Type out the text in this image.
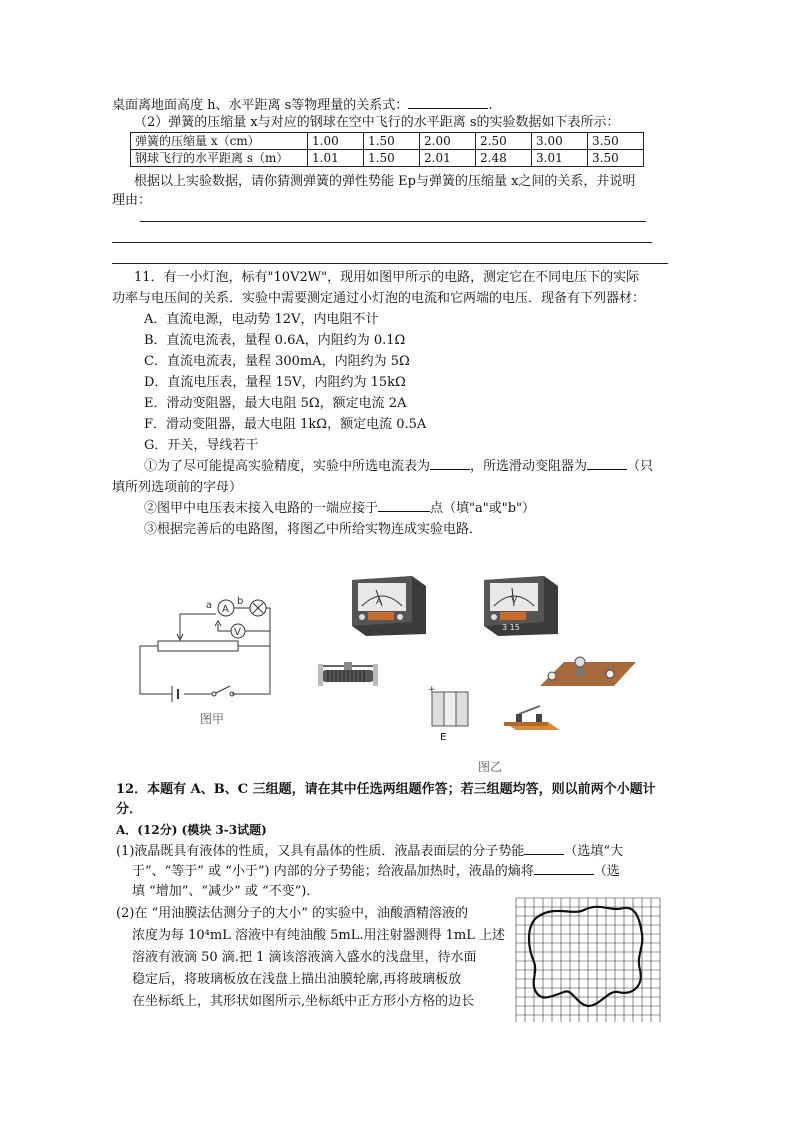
桌面离地面高度 h、水平距离 s等物理量的关系式：	.
（2）弹簧的压缩量 x与对应的钢球在空中飞行的水平距离 s的实验数据如下表所示：
弹簧的压缩量 x（cm）	1.00	1.50	2.00	2.50	3.00	3.50
钢球飞行的水平距离 s（m）	1.01	1.50	2.01	2.48	3.01	3.50
根据以上实验数据，请你猜测弹簧的弹性势能 Ep与弹簧的压缩量 x之间的关系，并说明
理由：
11．有一小灯泡，标有"10V2W"，现用如图甲所示的电路，测定它在不同电压下的实际
功率与电压间的关系．实验中需要测定通过小灯泡的电流和它两端的电压．现备有下列器材：
A．直流电源，电动势 12V，内电阻不计
B．直流电流表，量程 0.6A，内阻约为 0.1Ω
C．直流电流表，量程 300mA，内阻约为 5Ω
D．直流电压表，量程 15V，内阻约为 15kΩ
E．滑动变阻器，最大电阻 5Ω，额定电流 2A
F．滑动变阻器，最大电阻 1kΩ，额定电流 0.5A
G．开关，导线若干
①为了尽可能提高实验精度，实验中所选电流表为	，所选滑动变阻器为	（只
填所列选项前的字母）
②图甲中电压表末接入电路的一端应接于	点（填"a"或"b"）
③根据完善后的电路图，将图乙中所给实物连成实验电路．
a b
A
V
图甲
A	V
3 15
+
E
图乙
12．本题有 A、B、C 三组题，请在其中任选两组题作答；若三组题均答，则以前两个小题计
分．
A．(12分) (模块 3-3试题)
(1)液晶既具有液体的性质，又具有晶体的性质．液晶表面层的分子势能	（选填“大
于”、“等于” 或 “小于”) 内部的分子势能；给液晶加热时，液晶的熵将	（选
填 “增加”、“减少” 或 “不变”)．
(2)在 “用油膜法估测分子的大小” 的实验中，油酸酒精溶液的
浓度为每 10⁴mL 溶液中有纯油酸 5mL.用注射器测得 1mL 上述
溶液有液滴 50 滴.把 1 滴该溶液滴入盛水的浅盘里，待水面
稳定后，将玻璃板放在浅盘上描出油膜轮廓,再将玻璃板放
在坐标纸上，其形状如图所示,坐标纸中正方形小方格的边长
